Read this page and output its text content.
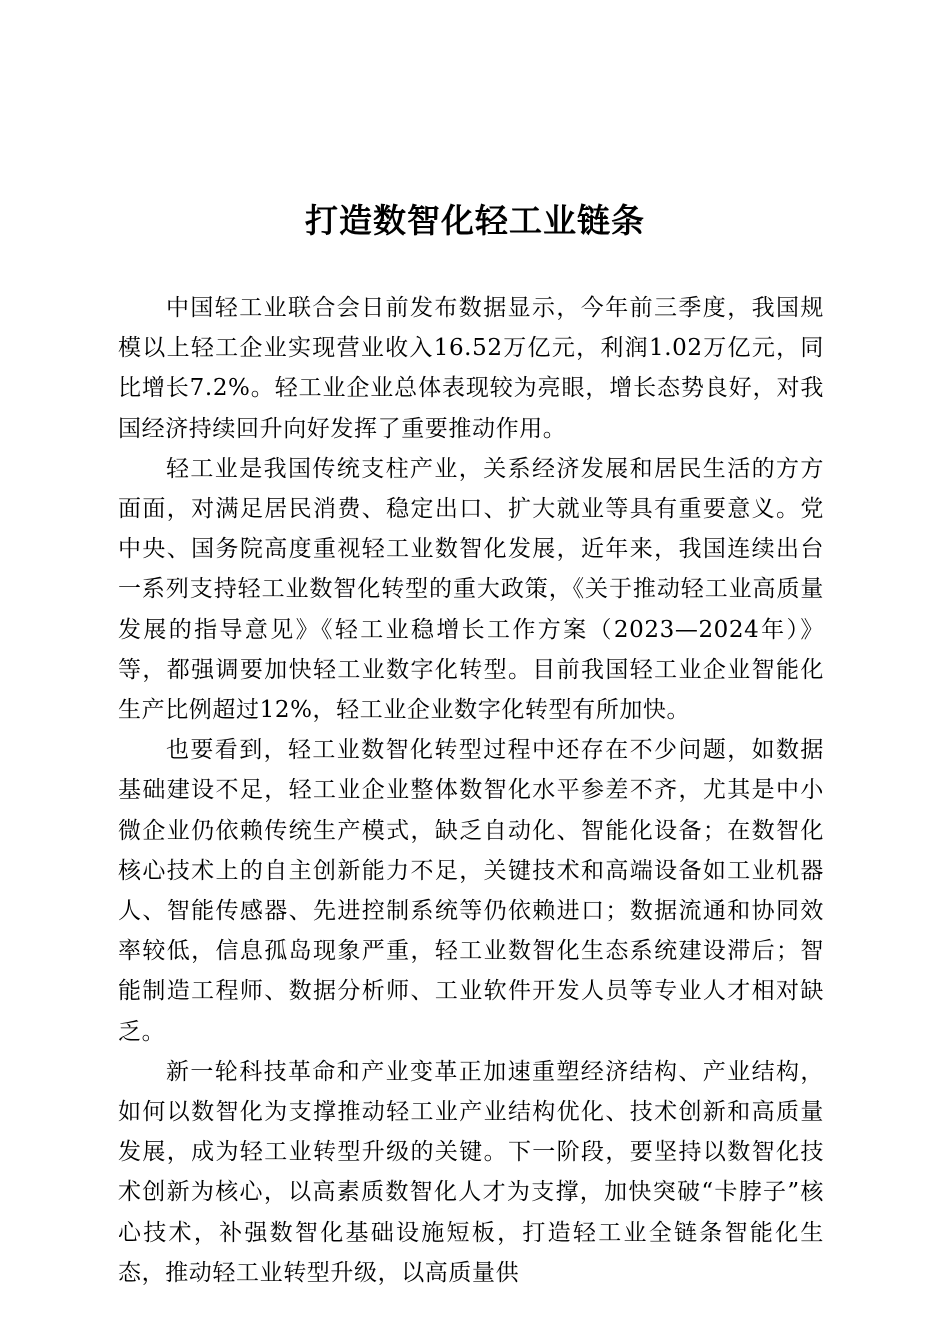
打造数智化轻工业链条

中国轻工业联合会日前发布数据显示，今年前三季度，我国规模以上轻工企业实现营业收入16.52万亿元，利润1.02万亿元，同比增长7.2%。轻工业企业总体表现较为亮眼，增长态势良好，对我国经济持续回升向好发挥了重要推动作用。

轻工业是我国传统支柱产业，关系经济发展和居民生活的方方面面，对满足居民消费、稳定出口、扩大就业等具有重要意义。党中央、国务院高度重视轻工业数智化发展，近年来，我国连续出台一系列支持轻工业数智化转型的重大政策，《关于推动轻工业高质量发展的指导意见》《轻工业稳增长工作方案（2023—2024年）》等，都强调要加快轻工业数字化转型。目前我国轻工业企业智能化生产比例超过12%，轻工业企业数字化转型有所加快。

也要看到，轻工业数智化转型过程中还存在不少问题，如数据基础建设不足，轻工业企业整体数智化水平参差不齐，尤其是中小微企业仍依赖传统生产模式，缺乏自动化、智能化设备；在数智化核心技术上的自主创新能力不足，关键技术和高端设备如工业机器人、智能传感器、先进控制系统等仍依赖进口；数据流通和协同效率较低，信息孤岛现象严重，轻工业数智化生态系统建设滞后；智能制造工程师、数据分析师、工业软件开发人员等专业人才相对缺乏。

新一轮科技革命和产业变革正加速重塑经济结构、产业结构，如何以数智化为支撑推动轻工业产业结构优化、技术创新和高质量发展，成为轻工业转型升级的关键。下一阶段，要坚持以数智化技术创新为核心，以高素质数智化人才为支撑，加快突破“卡脖子”核心技术，补强数智化基础设施短板，打造轻工业全链条智能化生态，推动轻工业转型升级，以高质量供
